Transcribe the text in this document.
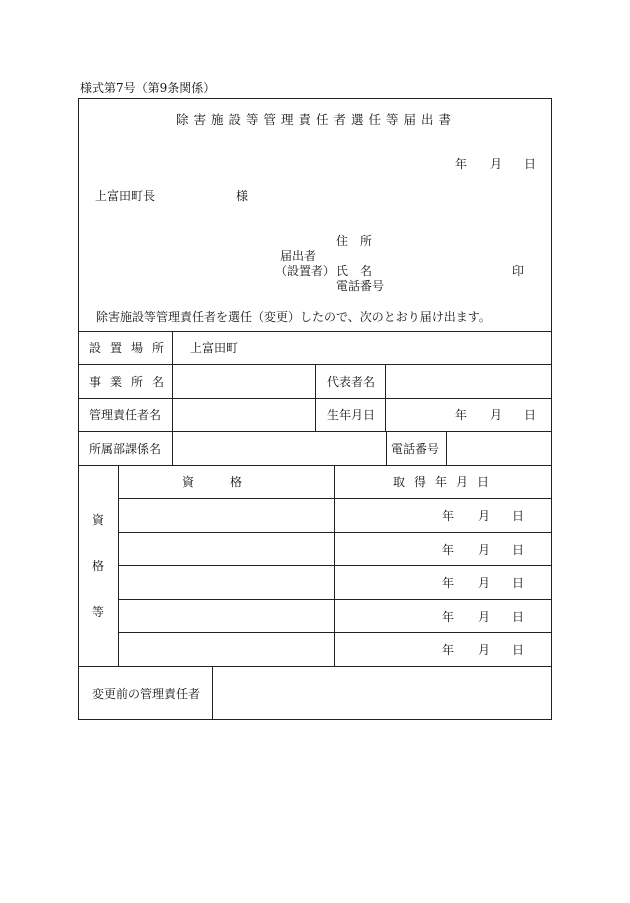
様式第7号（第9条関係）
除害施設等管理責任者選任等届出書
年 月 日
上富田町長	様
住　所
届出者
（設置者） 氏　名	印
電話番号
除害施設等管理責任者を選任（変更）したので、次のとおり届け出ます。
設置場所 上富田町
事業所名	代表者名
管理責任者名	生年月日	年 月 日
所属部課係名	電話番号
資
格
等
資　　　格	取得年月日
年 月 日
年 月 日
年 月 日
年 月 日
年 月 日
変更前の管理責任者
